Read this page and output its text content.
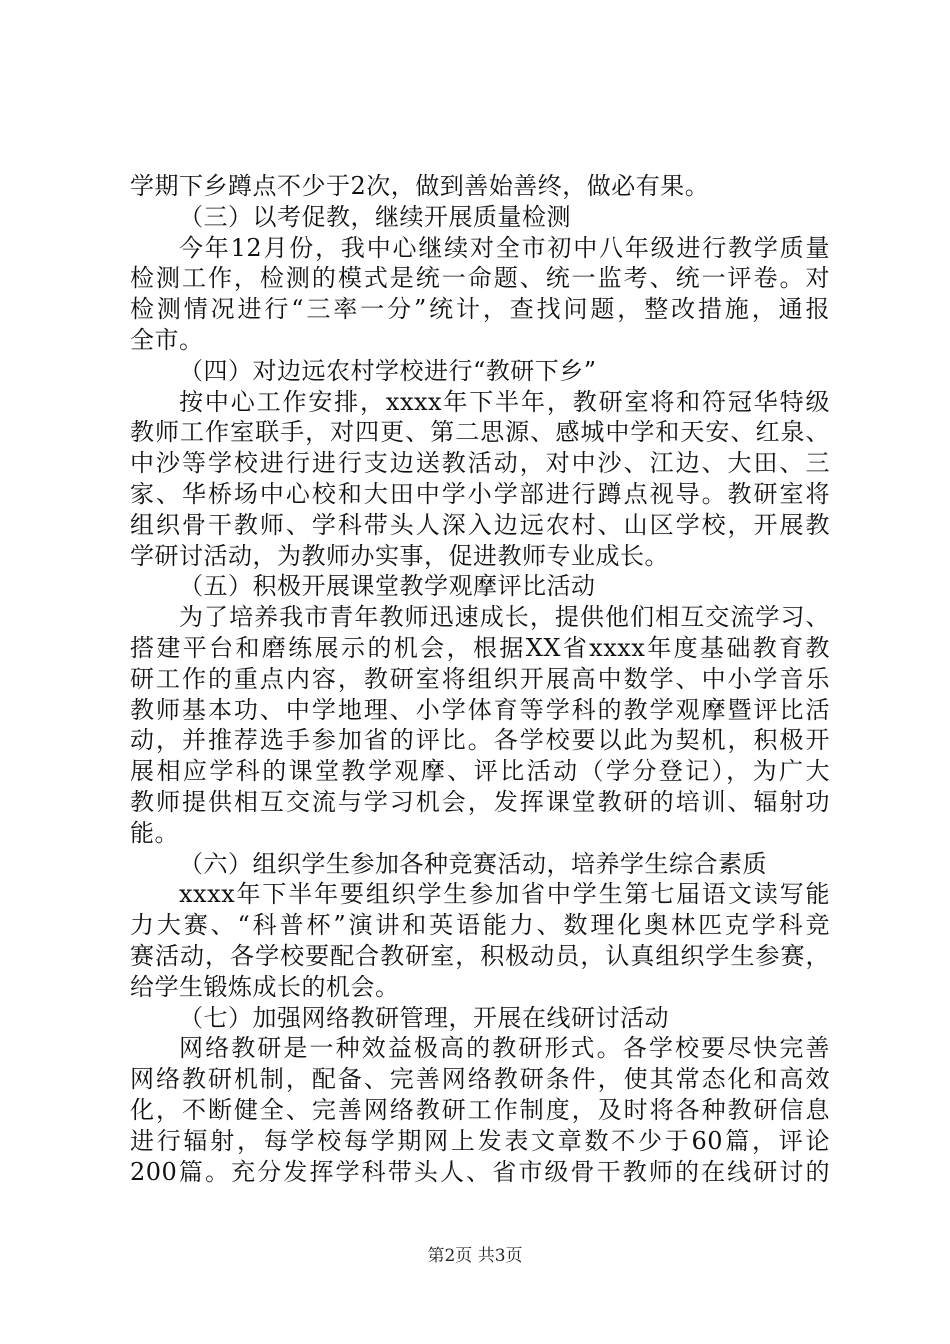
学期下乡蹲点不少于2次，做到善始善终，做必有果。
（三）以考促教，继续开展质量检测
今年12月份，我中心继续对全市初中八年级进行教学质量
检测工作，检测的模式是统一命题、统一监考、统一评卷。对
检测情况进行“三率一分”统计，查找问题，整改措施，通报
全市。
（四）对边远农村学校进行“教研下乡”
按中心工作安排，xxxx年下半年，教研室将和符冠华特级
教师工作室联手，对四更、第二思源、感城中学和天安、红泉、
中沙等学校进行进行支边送教活动，对中沙、江边、大田、三
家、华桥场中心校和大田中学小学部进行蹲点视导。教研室将
组织骨干教师、学科带头人深入边远农村、山区学校，开展教
学研讨活动，为教师办实事，促进教师专业成长。
（五）积极开展课堂教学观摩评比活动
为了培养我市青年教师迅速成长，提供他们相互交流学习、
搭建平台和磨练展示的机会，根据XX省xxxx年度基础教育教
研工作的重点内容，教研室将组织开展高中数学、中小学音乐
教师基本功、中学地理、小学体育等学科的教学观摩暨评比活
动，并推荐选手参加省的评比。各学校要以此为契机，积极开
展相应学科的课堂教学观摩、评比活动（学分登记），为广大
教师提供相互交流与学习机会，发挥课堂教研的培训、辐射功
能。
（六）组织学生参加各种竞赛活动，培养学生综合素质
xxxx年下半年要组织学生参加省中学生第七届语文读写能
力大赛、“科普杯”演讲和英语能力、数理化奥林匹克学科竞
赛活动，各学校要配合教研室，积极动员，认真组织学生参赛，
给学生锻炼成长的机会。
（七）加强网络教研管理，开展在线研讨活动
网络教研是一种效益极高的教研形式。各学校要尽快完善
网络教研机制，配备、完善网络教研条件，使其常态化和高效
化，不断健全、完善网络教研工作制度，及时将各种教研信息
进行辐射，每学校每学期网上发表文章数不少于60篇，评论
200篇。充分发挥学科带头人、省市级骨干教师的在线研讨的
第2页 共3页
